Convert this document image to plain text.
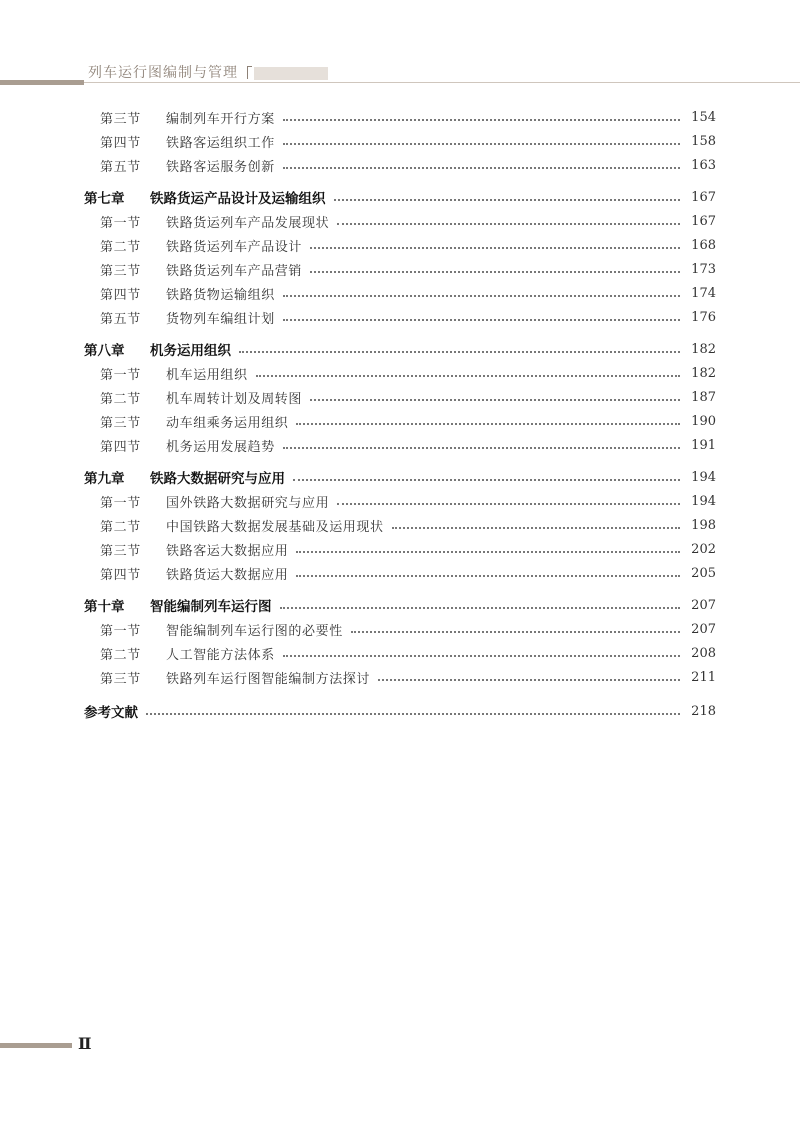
列车运行图编制与管理
第三节	编制列车开行方案	154
第四节	铁路客运组织工作	158
第五节	铁路客运服务创新	163
第七章	铁路货运产品设计及运输组织	167
第一节	铁路货运列车产品发展现状	167
第二节	铁路货运列车产品设计	168
第三节	铁路货运列车产品营销	173
第四节	铁路货物运输组织	174
第五节	货物列车编组计划	176
第八章	机务运用组织	182
第一节	机车运用组织	182
第二节	机车周转计划及周转图	187
第三节	动车组乘务运用组织	190
第四节	机务运用发展趋势	191
第九章	铁路大数据研究与应用	194
第一节	国外铁路大数据研究与应用	194
第二节	中国铁路大数据发展基础及运用现状	198
第三节	铁路客运大数据应用	202
第四节	铁路货运大数据应用	205
第十章	智能编制列车运行图	207
第一节	智能编制列车运行图的必要性	207
第二节	人工智能方法体系	208
第三节	铁路列车运行图智能编制方法探讨	211
参考文献	218
Ⅱ
